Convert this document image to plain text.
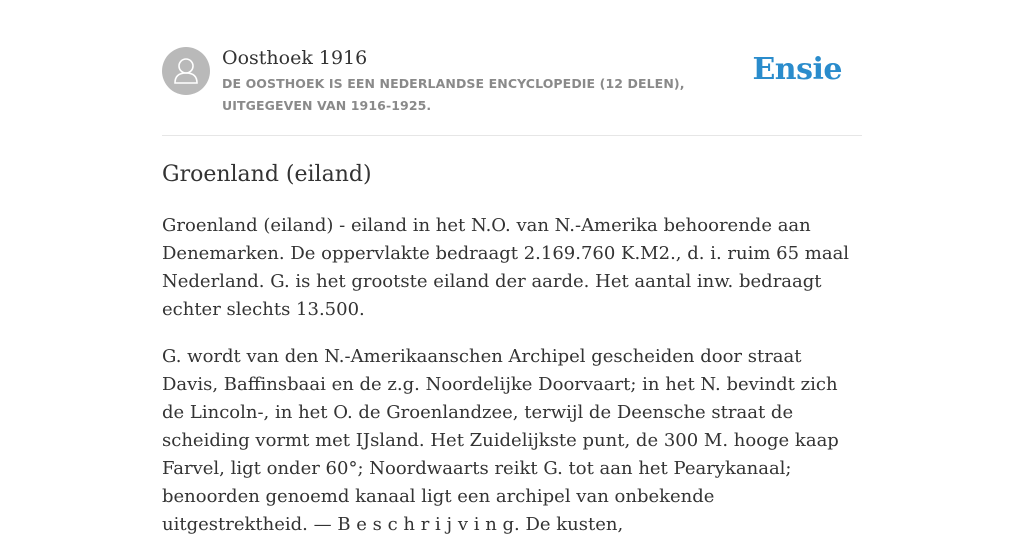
Oosthoek 1916
DE OOSTHOEK IS EEN NEDERLANDSE ENCYCLOPEDIE (12 DELEN), UITGEGEVEN VAN 1916-1925.
Ensie
Groenland (eiland)

Groenland (eiland) - eiland in het N.O. van N.-Amerika behoorende aan Denemarken. De oppervlakte bedraagt 2.169.760 K.M2., d. i. ruim 65 maal Nederland. G. is het grootste eiland der aarde. Het aantal inw. bedraagt echter slechts 13.500.

G. wordt van den N.-Amerikaanschen Archipel gescheiden door straat Davis, Baffinsbaai en de z.g. Noordelijke Doorvaart; in het N. bevindt zich de Lincoln-, in het O. de Groenlandzee, terwijl de Deensche straat de scheiding vormt met IJsland. Het Zuidelijkste punt, de 300 M. hooge kaap Farvel, ligt onder 60°; Noordwaarts reikt G. tot aan het Pearykanaal; benoorden genoemd kanaal ligt een archipel van onbekende uitgestrektheid. — B e s c h r i j v i n g. De kusten,
